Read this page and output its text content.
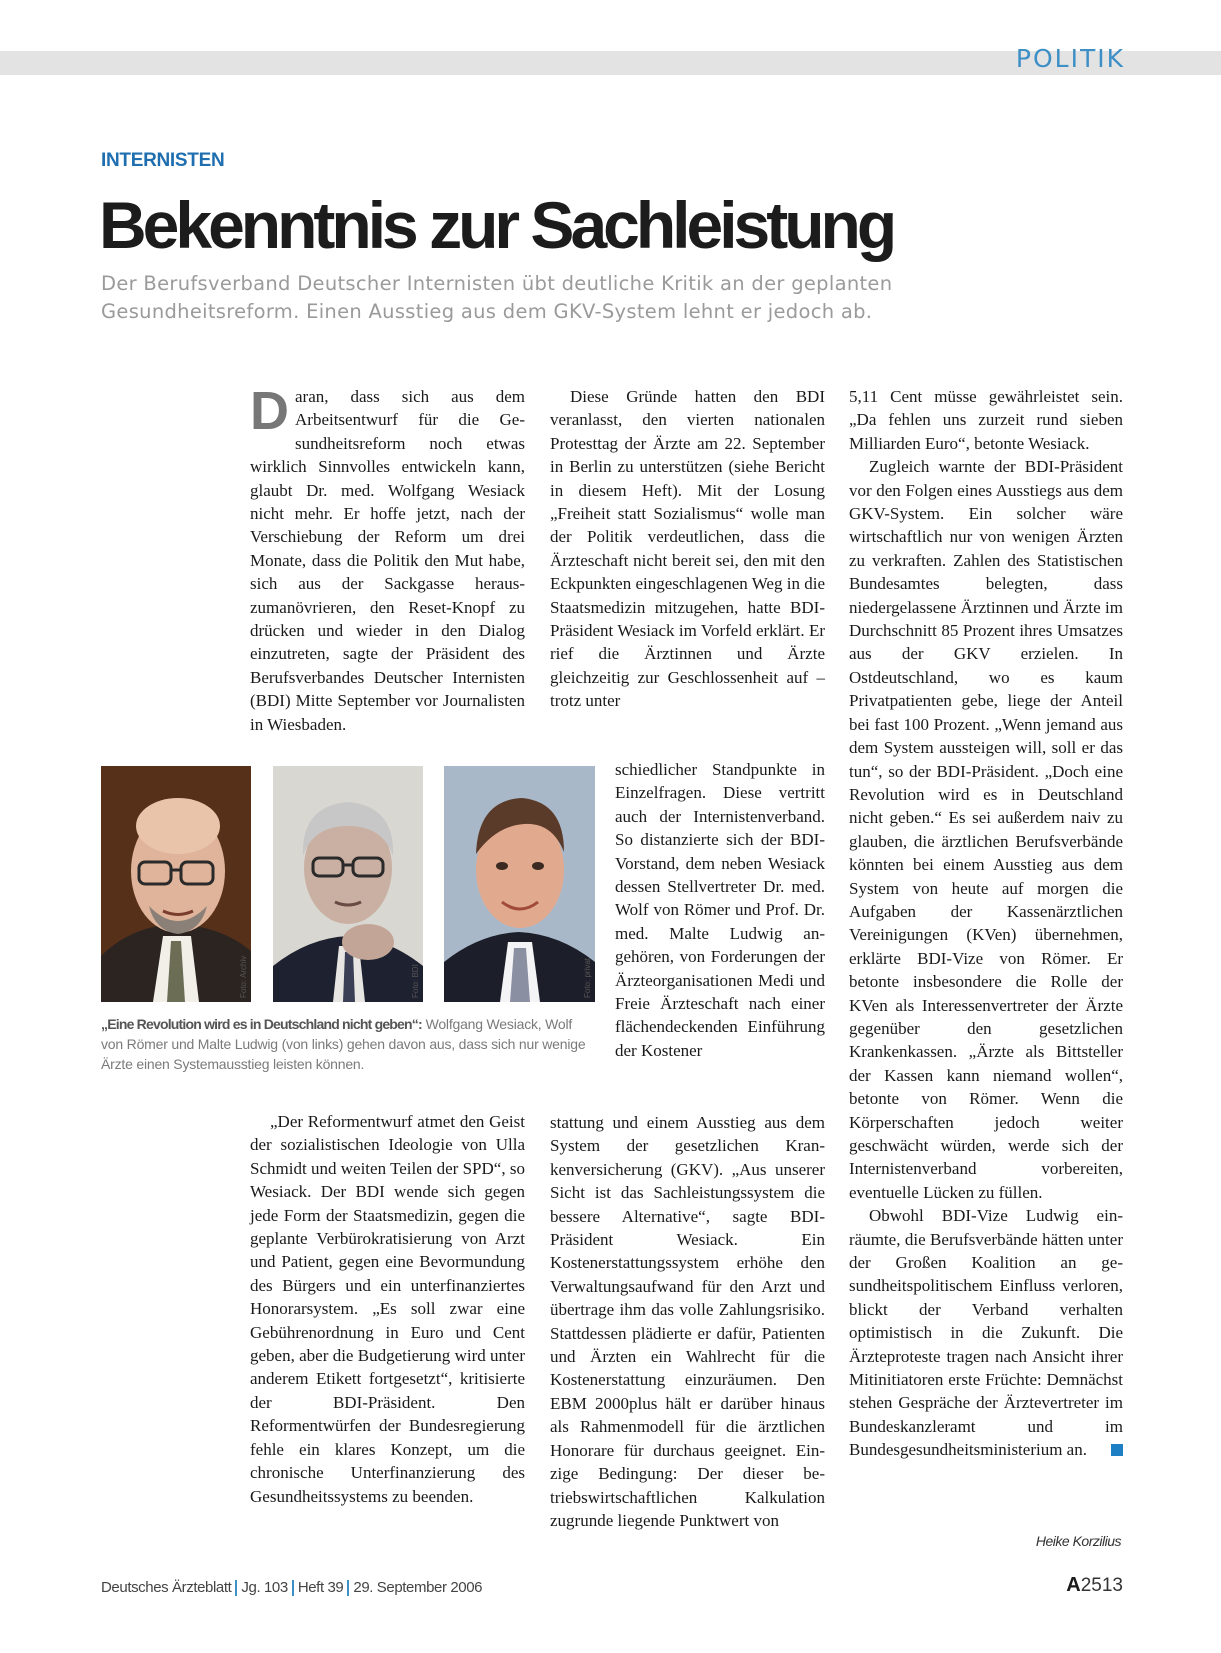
POLITIK
INTERNISTEN
Bekenntnis zur Sachleistung

Der Berufsverband Deutscher Internisten übt deutliche Kritik an der geplanten

Gesundheitsreform. Einen Ausstieg aus dem GKV-System lehnt er jedoch ab.

Daran, dass sich aus dem Arbeitsentwurf für die Gesundheitsreform noch etwas wirklich Sinnvolles entwickeln kann, glaubt Dr. med. Wolfgang Wesiack nicht mehr. Er hoffe jetzt, nach der Verschiebung der Reform um drei Monate, dass die Politik den Mut habe, sich aus der Sackgasse herauszumanövrieren, den Reset-Knopf zu drücken und wieder in den Dialog einzutreten, sagte der Präsident des Berufsverbandes Deutscher Internisten (BDI) Mitte September vor Journalisten in Wiesbaden.

Foto: Archiv	Foto: BDI	Foto: privat
„Eine Revolution wird es in Deutschland nicht geben“: Wolfgang Wesiack, Wolf von Römer und Malte Ludwig (von links) gehen davon aus, dass sich nur wenige Ärzte einen Systemausstieg leisten können.

„Der Reformentwurf atmet den Geist der sozialistischen Ideologie von Ulla Schmidt und weiten Teilen der SPD“, so Wesiack. Der BDI wende sich gegen jede Form der Staatsmedizin, gegen die geplante Verbürokratisierung von Arzt und Patient, gegen eine Bevormundung des Bürgers und ein unterfinanziertes Honorarsystem. „Es soll zwar eine Gebührenordnung in Euro und Cent geben, aber die Budgetierung wird unter anderem Etikett fortgesetzt“, kritisierte der BDI-Präsident. Den Reformentwürfen der Bundesregierung fehle ein klares Konzept, um die chronische Unterfinanzierung des Gesundheitssystems zu beenden.

Diese Gründe hatten den BDI veranlasst, den vierten nationalen Protesttag der Ärzte am 22. September in Berlin zu unterstützen (siehe Bericht in diesem Heft). Mit der Losung „Freiheit statt Sozialismus“ wolle man der Politik verdeutlichen, dass die Ärzteschaft nicht bereit sei, den mit den Eckpunkten eingeschlagenen Weg in die Staatsmedizin mitzugehen, hatte BDI-Präsident Wesiack im Vorfeld erklärt. Er rief die Ärztinnen und Ärzte gleichzeitig zur Geschlossenheit auf – trotz unter

schiedlicher Standpunkte in Einzelfragen. Diese vertritt auch der Internistenverband. So distanzierte sich der BDI-Vorstand, dem neben Wesiack dessen Stellvertreter Dr. med. Wolf von Römer und Prof. Dr. med. Malte Ludwig angehören, von Forderungen der Ärzteorganisationen Medi und Freie Ärzteschaft nach einer flächendeckenden Einführung der Kostener

stattung und einem Ausstieg aus dem System der gesetzlichen Krankenversicherung (GKV). „Aus unserer Sicht ist das Sachleistungssystem die bessere Alternative“, sagte BDI-Präsident Wesiack. Ein Kostenerstattungssystem erhöhe den Verwaltungsaufwand für den Arzt und übertrage ihm das volle Zahlungsrisiko. Stattdessen plädierte er dafür, Patienten und Ärzten ein Wahlrecht für die Kostenerstattung einzuräumen. Den EBM 2000plus hält er darüber hinaus als Rahmenmodell für die ärztlichen Honorare für durchaus geeignet. Einzige Bedingung: Der dieser betriebswirtschaftlichen Kalkulation zugrunde liegende Punktwert von

5,11 Cent müsse gewährleistet sein. „Da fehlen uns zurzeit rund sieben Milliarden Euro“, betonte Wesiack.

Zugleich warnte der BDI-Präsident vor den Folgen eines Ausstiegs aus dem GKV-System. Ein solcher wäre wirtschaftlich nur von wenigen Ärzten zu verkraften. Zahlen des Statistischen Bundesamtes belegten, dass niedergelassene Ärztinnen und Ärzte im Durchschnitt 85 Prozent ihres Umsatzes aus der GKV erzielen. In Ostdeutschland, wo es kaum Privatpatienten gebe, liege der Anteil bei fast 100 Prozent. „Wenn jemand aus dem System aussteigen will, soll er das tun“, so der BDI-Präsident. „Doch eine Revolution wird es in Deutschland nicht geben.“ Es sei außerdem naiv zu glauben, die ärztlichen Berufsverbände könnten bei einem Ausstieg aus dem System von heute auf morgen die Aufgaben der Kassenärztlichen Vereinigungen (KVen) übernehmen, erklärte BDI-Vize von Römer. Er betonte insbesondere die Rolle der KVen als Interessenvertreter der Ärzte gegenüber den gesetzlichen Krankenkassen. „Ärzte als Bittsteller der Kassen kann niemand wollen“, betonte von Römer. Wenn die Körperschaften jedoch weiter geschwächt würden, werde sich der Internistenverband vorbereiten, eventuelle Lücken zu füllen.

Obwohl BDI-Vize Ludwig einräumte, die Berufsverbände hätten unter der Großen Koalition an gesundheitspolitischem Einfluss verloren, blickt der Verband verhalten optimistisch in die Zukunft. Die Ärzteproteste tragen nach Ansicht ihrer Mitinitiatoren erste Früchte: Demnächst stehen Gespräche der Ärztevertreter im Bundeskanzleramt und im Bundesgesundheitsministerium an.

Heike Korzilius
Deutsches Ärzteblatt Jg. 103 Heft 39 29. September 2006	A2513
